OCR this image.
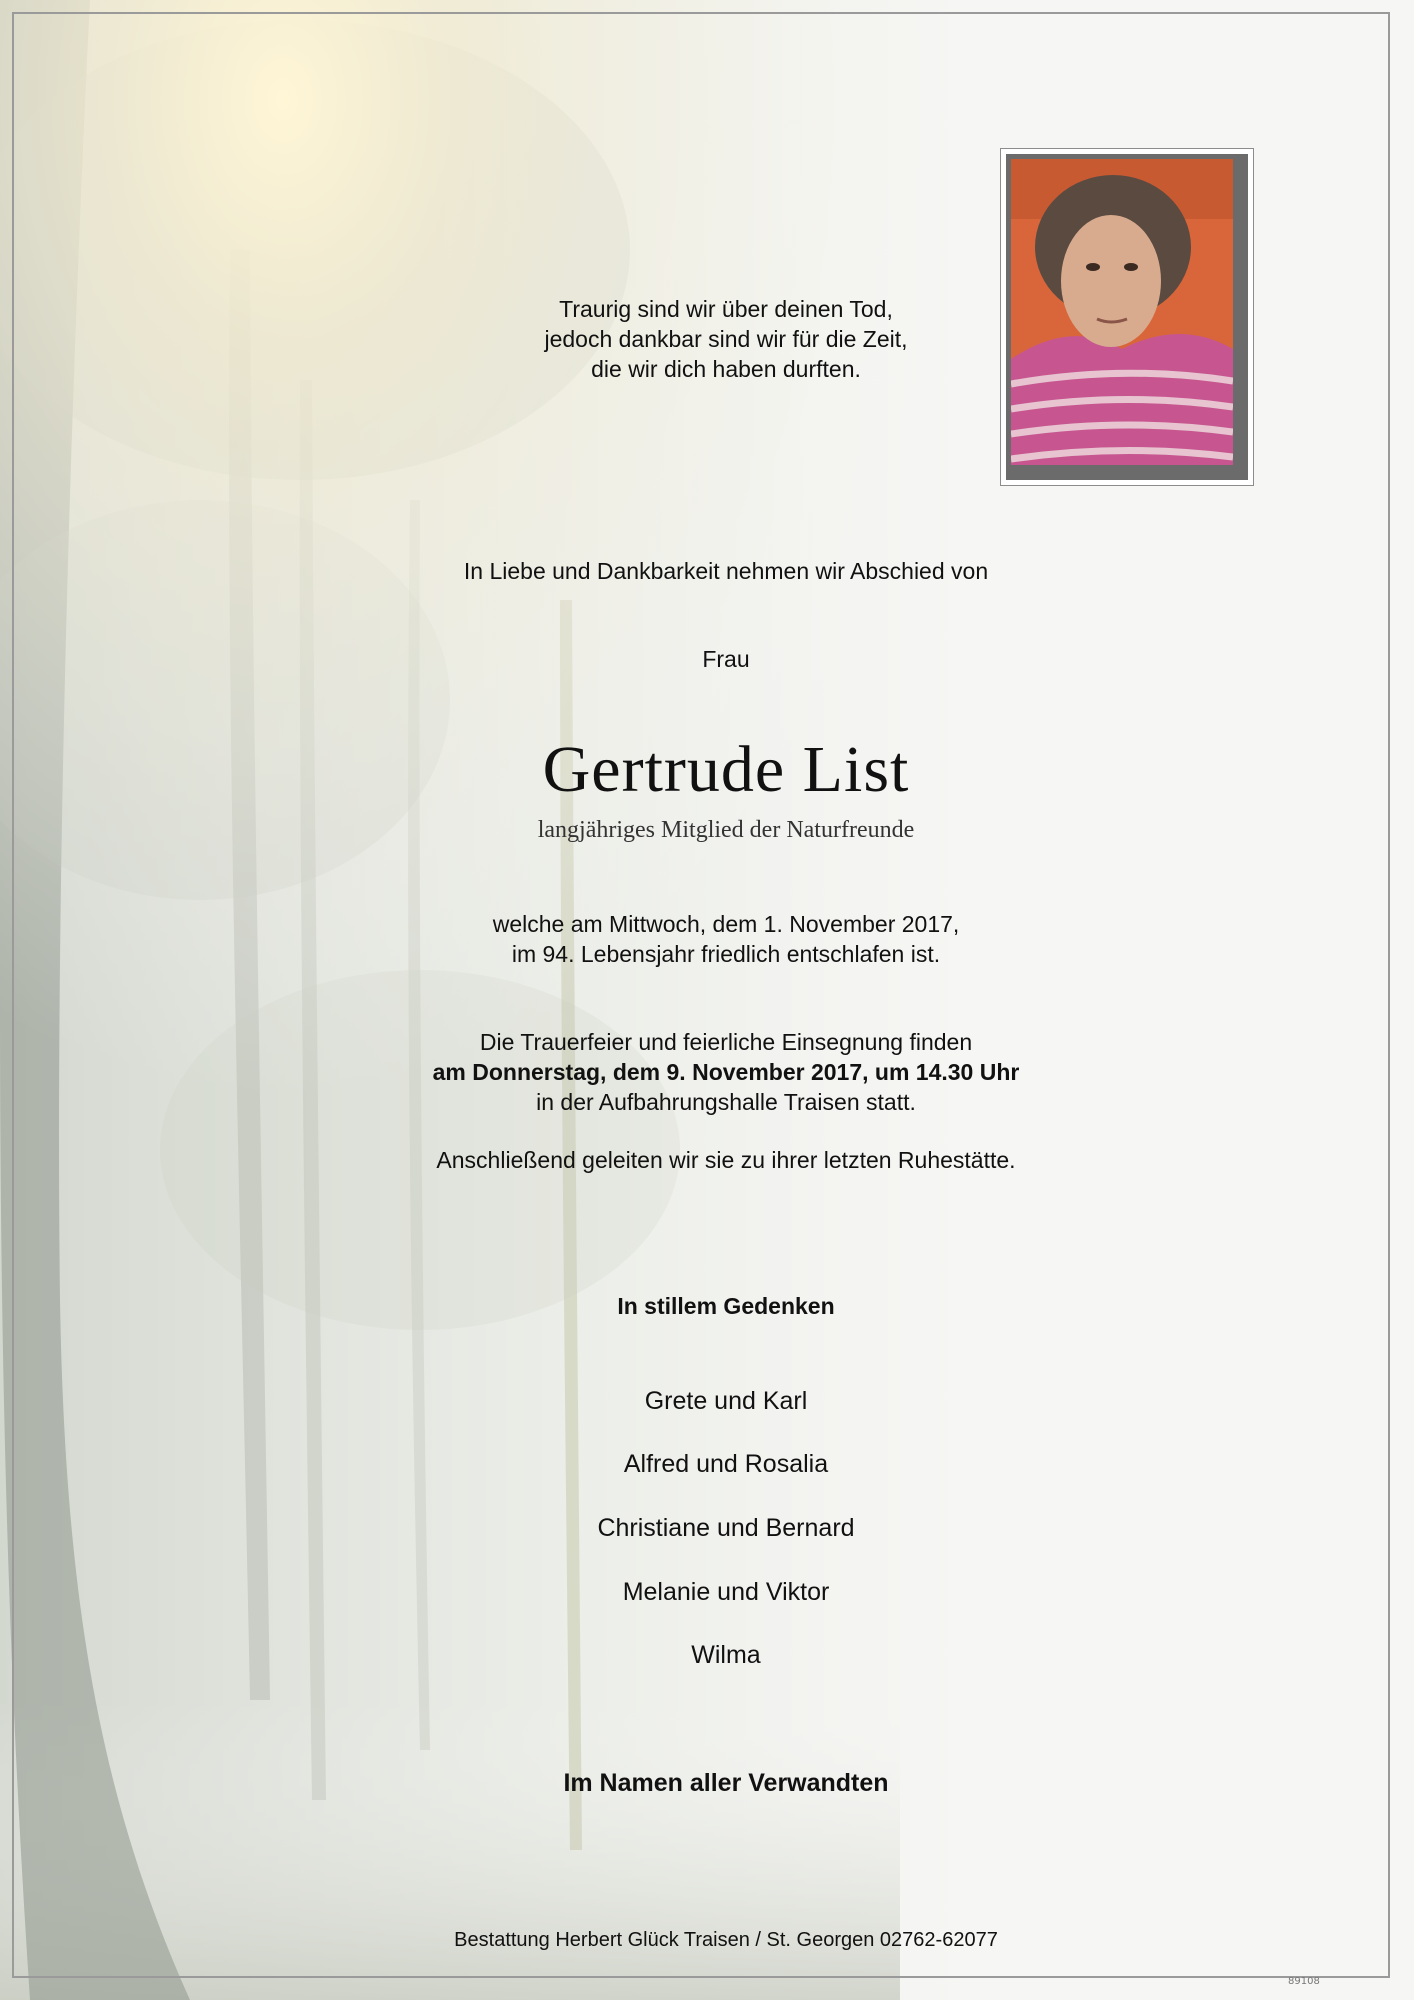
Traurig sind wir über deinen Tod,
jedoch dankbar sind wir für die Zeit,
die wir dich haben durften.
In Liebe und Dankbarkeit nehmen wir Abschied von
Frau
Gertrude List
langjähriges Mitglied der Naturfreunde
welche am Mittwoch, dem 1. November 2017,
im 94. Lebensjahr friedlich entschlafen ist.
Die Trauerfeier und feierliche Einsegnung finden
am Donnerstag, dem 9. November 2017, um 14.30 Uhr
in der Aufbahrungshalle Traisen statt.
Anschließend geleiten wir sie zu ihrer letzten Ruhestätte.
In stillem Gedenken
Grete und Karl
Alfred und Rosalia
Christiane und Bernard
Melanie und Viktor
Wilma
Im Namen aller Verwandten
Bestattung Herbert Glück Traisen / St. Georgen 02762-62077
89108
